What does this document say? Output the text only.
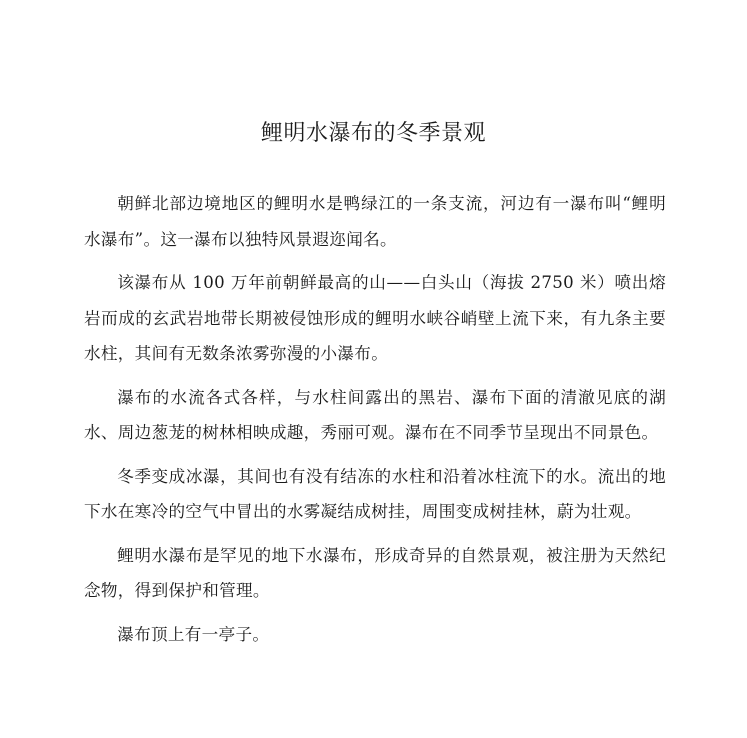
鲤明水瀑布的冬季景观

朝鲜北部边境地区的鲤明水是鸭绿江的一条支流，河边有一瀑布叫“鲤明水瀑布”。这一瀑布以独特风景遐迩闻名。

该瀑布从 100 万年前朝鲜最高的山——白头山（海拔 2750 米）喷出熔岩而成的玄武岩地带长期被侵蚀形成的鲤明水峡谷峭壁上流下来，有九条主要水柱，其间有无数条浓雾弥漫的小瀑布。

瀑布的水流各式各样，与水柱间露出的黑岩、瀑布下面的清澈见底的湖水、周边葱茏的树林相映成趣，秀丽可观。瀑布在不同季节呈现出不同景色。

冬季变成冰瀑，其间也有没有结冻的水柱和沿着冰柱流下的水。流出的地下水在寒冷的空气中冒出的水雾凝结成树挂，周围变成树挂林，蔚为壮观。

鲤明水瀑布是罕见的地下水瀑布，形成奇异的自然景观，被注册为天然纪念物，得到保护和管理。

瀑布顶上有一亭子。
